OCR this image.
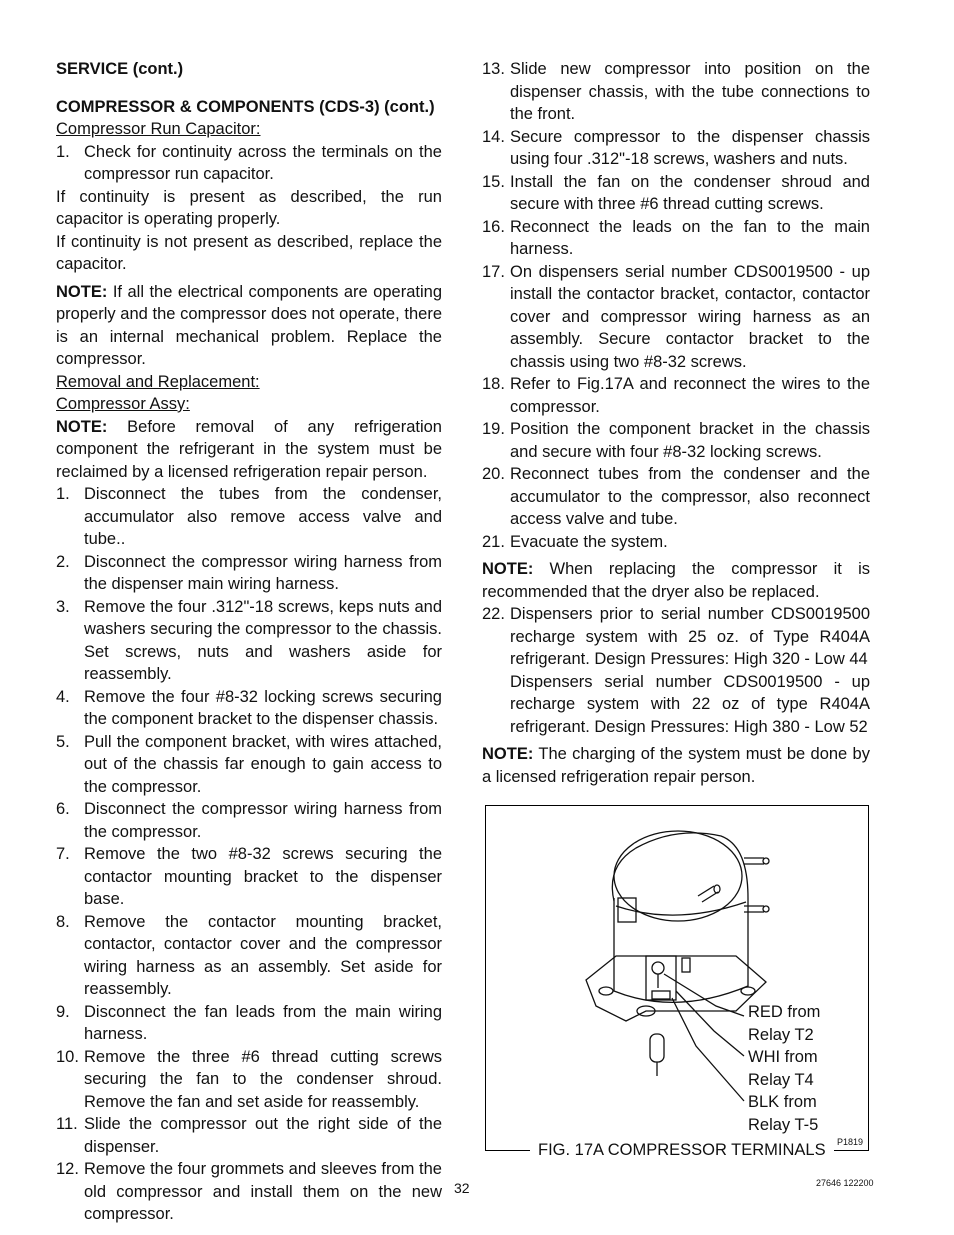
SERVICE (cont.)

COMPRESSOR & COMPONENTS (CDS-3) (cont.)

Compressor Run Capacitor:

1. Check for continuity across the terminals on the compressor run capacitor.

If continuity is present as described, the run capacitor is operating properly.

If continuity is not present as described, replace the capacitor.

NOTE: If all the electrical components are operating properly and the compressor does not operate, there is an internal mechanical problem. Replace the compressor.

Removal and Replacement:

Compressor Assy:

NOTE: Before removal of any refrigeration component the refrigerant in the system must be reclaimed by a licensed refrigeration repair person.

1. Disconnect the tubes from the condenser, accumulator also remove access valve and tube..
2. Disconnect the compressor wiring harness from the dispenser main wiring harness.
3. Remove the four .312"-18 screws, keps nuts and washers securing the compressor to the chassis. Set screws, nuts and washers aside for reassembly.
4. Remove the four #8-32 locking screws securing the component bracket to the dispenser chassis.
5. Pull the component bracket, with wires attached, out of the chassis far enough to gain access to the compressor.
6. Disconnect the compressor wiring harness from the compressor.
7. Remove the two #8-32 screws securing the contactor mounting bracket to the dispenser base.
8. Remove the contactor mounting bracket, contactor, contactor cover and the compressor wiring harness as an assembly. Set aside for reassembly.
9. Disconnect the fan leads from the main wiring harness.
10. Remove the three #6 thread cutting screws securing the fan to the condenser shroud. Remove the fan and set aside for reassembly.
11. Slide the compressor out the right side of the dispenser.
12. Remove the four grommets and sleeves from the old compressor and install them on the new compressor.
13. Slide new compressor into position on the dispenser chassis, with the tube connections to the front.
14. Secure compressor to the dispenser chassis using four .312"-18 screws, washers and nuts.
15. Install the fan on the condenser shroud and secure with three #6 thread cutting screws.
16. Reconnect the leads on the fan to the main harness.
17. On dispensers serial number CDS0019500 - up install the contactor bracket, contactor, contactor cover and compressor wiring harness as an assembly. Secure contactor bracket to the chassis using two #8-32 screws.
18. Refer to Fig.17A and reconnect the wires to the compressor.
19. Position the component bracket in the chassis and secure with four #8-32 locking screws.
20. Reconnect tubes from the condenser and the accumulator to the compressor, also reconnect access valve and tube.
21. Evacuate the system.

NOTE: When replacing the compressor it is recommended that the dryer also be replaced.

22. Dispensers prior to serial number CDS0019500 recharge system with 25 oz. of Type R404A refrigerant. Design Pressures: High 320 - Low 44
Dispensers serial number CDS0019500 - up recharge system with 22 oz of type R404A refrigerant. Design Pressures: High 380 - Low 52

NOTE: The charging of the system must be done by a licensed refrigeration repair person.

RED from
Relay T2
WHI from
Relay T4
BLK from
Relay T-5
FIG. 17A COMPRESSOR TERMINALS	P1819
32	27646 122200
